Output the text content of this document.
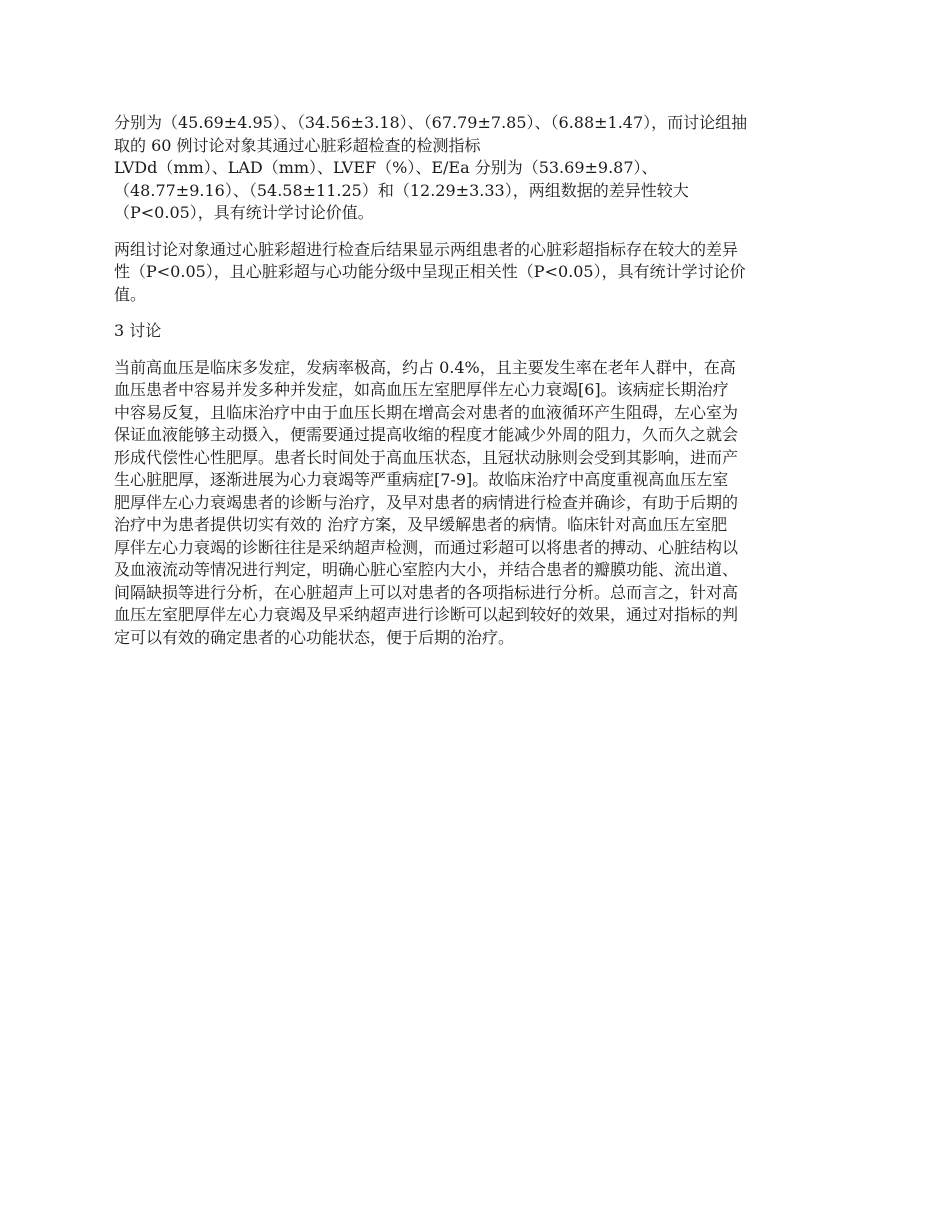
分别为（45.69±4.95）、（34.56±3.18）、（67.79±7.85）、（6.88±1.47），而讨论组抽
取的 60 例讨论对象其通过心脏彩超检查的检测指标
LVDd（mm）、LAD（mm）、LVEF（%）、E/Ea 分别为（53.69±9.87）、
（48.77±9.16）、（54.58±11.25）和（12.29±3.33），两组数据的差异性较大
（P<0.05），具有统计学讨论价值。

两组讨论对象通过心脏彩超进行检查后结果显示两组患者的心脏彩超指标存在较大的差异
性（P<0.05），且心脏彩超与心功能分级中呈现正相关性（P<0.05），具有统计学讨论价
值。

3 讨论

当前高血压是临床多发症，发病率极高，约占 0.4%，且主要发生率在老年人群中，在高
血压患者中容易并发多种并发症，如高血压左室肥厚伴左心力衰竭[6]。该病症长期治疗
中容易反复，且临床治疗中由于血压长期在增高会对患者的血液循环产生阻碍，左心室为
保证血液能够主动摄入，便需要通过提高收缩的程度才能减少外周的阻力，久而久之就会
形成代偿性心性肥厚。患者长时间处于高血压状态，且冠状动脉则会受到其影响，进而产
生心脏肥厚，逐渐进展为心力衰竭等严重病症[7-9]。故临床治疗中高度重视高血压左室
肥厚伴左心力衰竭患者的诊断与治疗，及早对患者的病情进行检查并确诊，有助于后期的
治疗中为患者提供切实有效的 治疗方案，及早缓解患者的病情。临床针对高血压左室肥
厚伴左心力衰竭的诊断往往是采纳超声检测，而通过彩超可以将患者的搏动、心脏结构以
及血液流动等情况进行判定，明确心脏心室腔内大小，并结合患者的瓣膜功能、流出道、
间隔缺损等进行分析，在心脏超声上可以对患者的各项指标进行分析。总而言之，针对高
血压左室肥厚伴左心力衰竭及早采纳超声进行诊断可以起到较好的效果，通过对指标的判
定可以有效的确定患者的心功能状态，便于后期的治疗。
